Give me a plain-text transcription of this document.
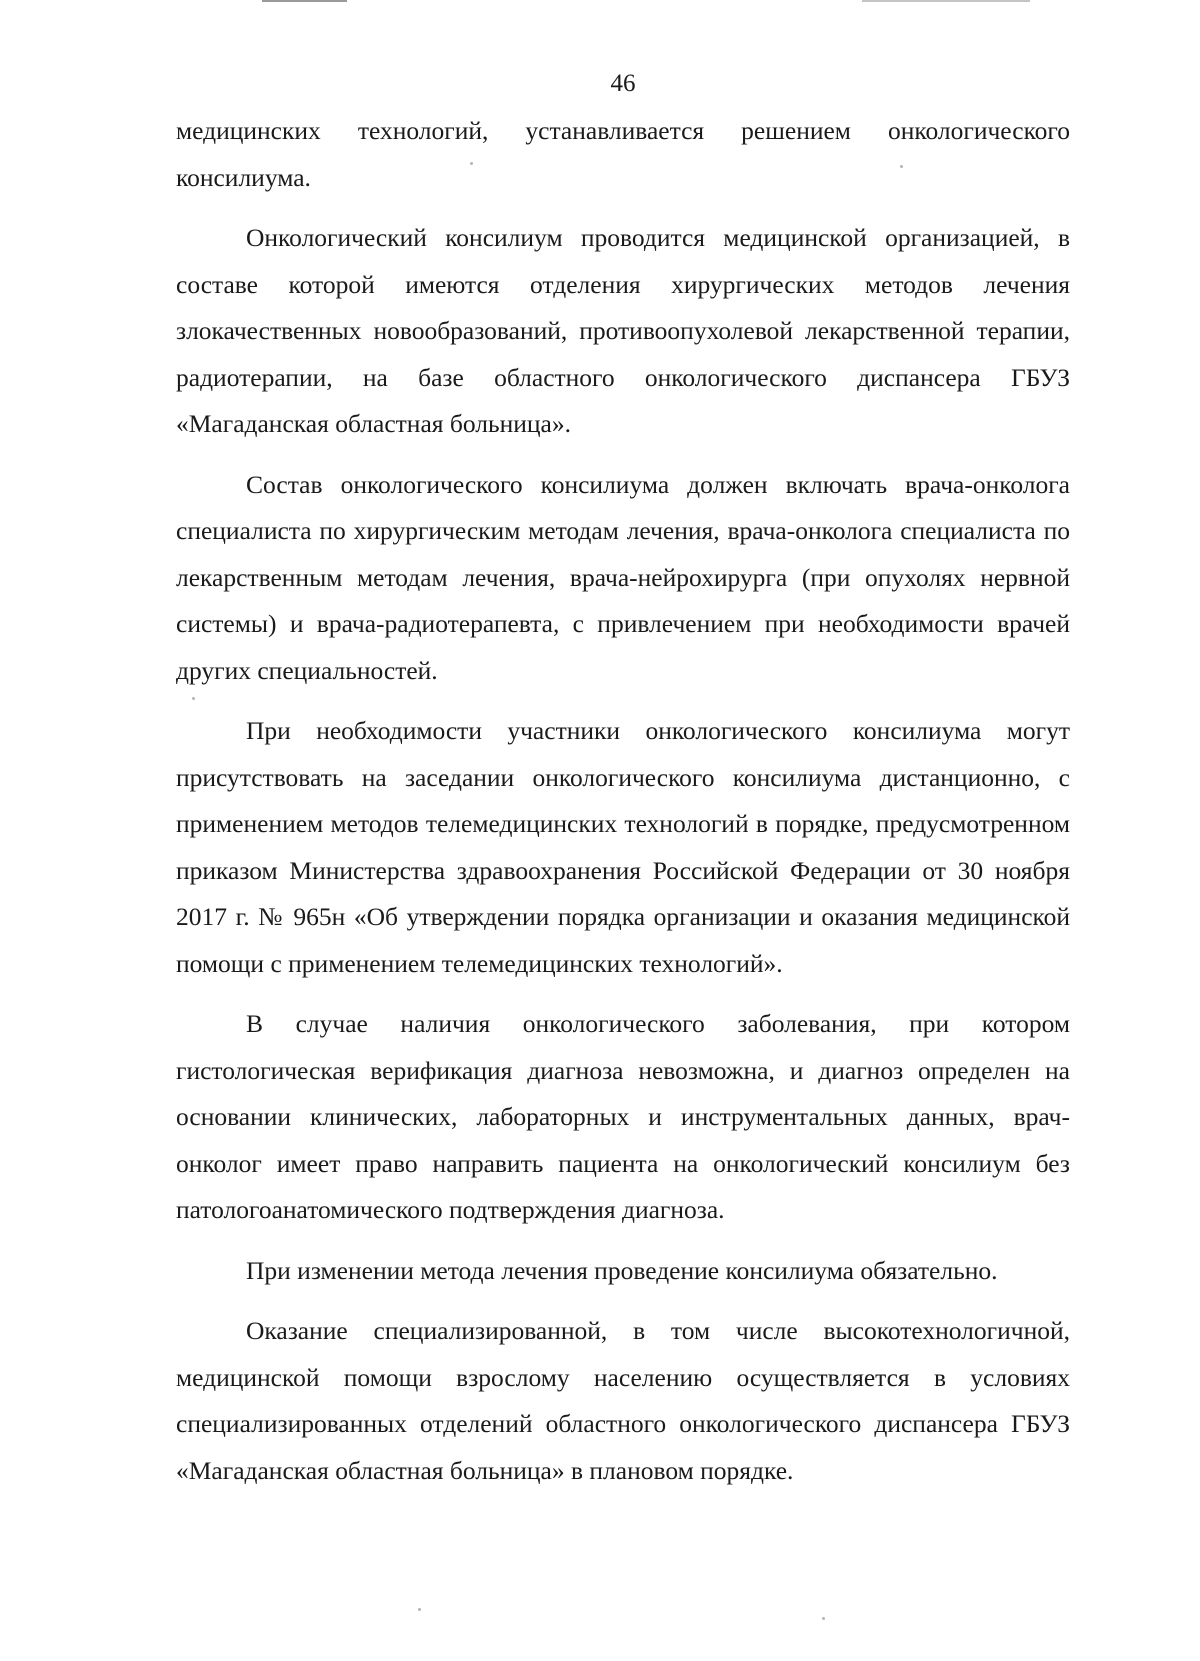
46

медицинских технологий, устанавливается решением онкологического консилиума.

Онкологический консилиум проводится медицинской организацией, в составе которой имеются отделения хирургических методов лечения злокачественных новообразований, противоопухолевой лекарственной терапии, радиотерапии, на базе областного онкологического диспансера ГБУЗ «Магаданская областная больница».

Состав онкологического консилиума должен включать врача-онколога специалиста по хирургическим методам лечения, врача-онколога специалиста по лекарственным методам лечения, врача-нейрохирурга (при опухолях нервной системы) и врача-радиотерапевта, с привлечением при необходимости врачей других специальностей.

При необходимости участники онкологического консилиума могут присутствовать на заседании онкологического консилиума дистанционно, с применением методов телемедицинских технологий в порядке, предусмотренном приказом Министерства здравоохранения Российской Федерации от 30 ноября 2017 г. № 965н «Об утверждении порядка организации и оказания медицинской помощи с применением телемедицинских технологий».

В случае наличия онкологического заболевания, при котором гистологическая верификация диагноза невозможна, и диагноз определен на основании клинических, лабораторных и инструментальных данных, врач-онколог имеет право направить пациента на онкологический консилиум без патологоанатомического подтверждения диагноза.

При изменении метода лечения проведение консилиума обязательно.

Оказание специализированной, в том числе высокотехнологичной, медицинской помощи взрослому населению осуществляется в условиях специализированных отделений областного онкологического диспансера ГБУЗ «Магаданская областная больница» в плановом порядке.
